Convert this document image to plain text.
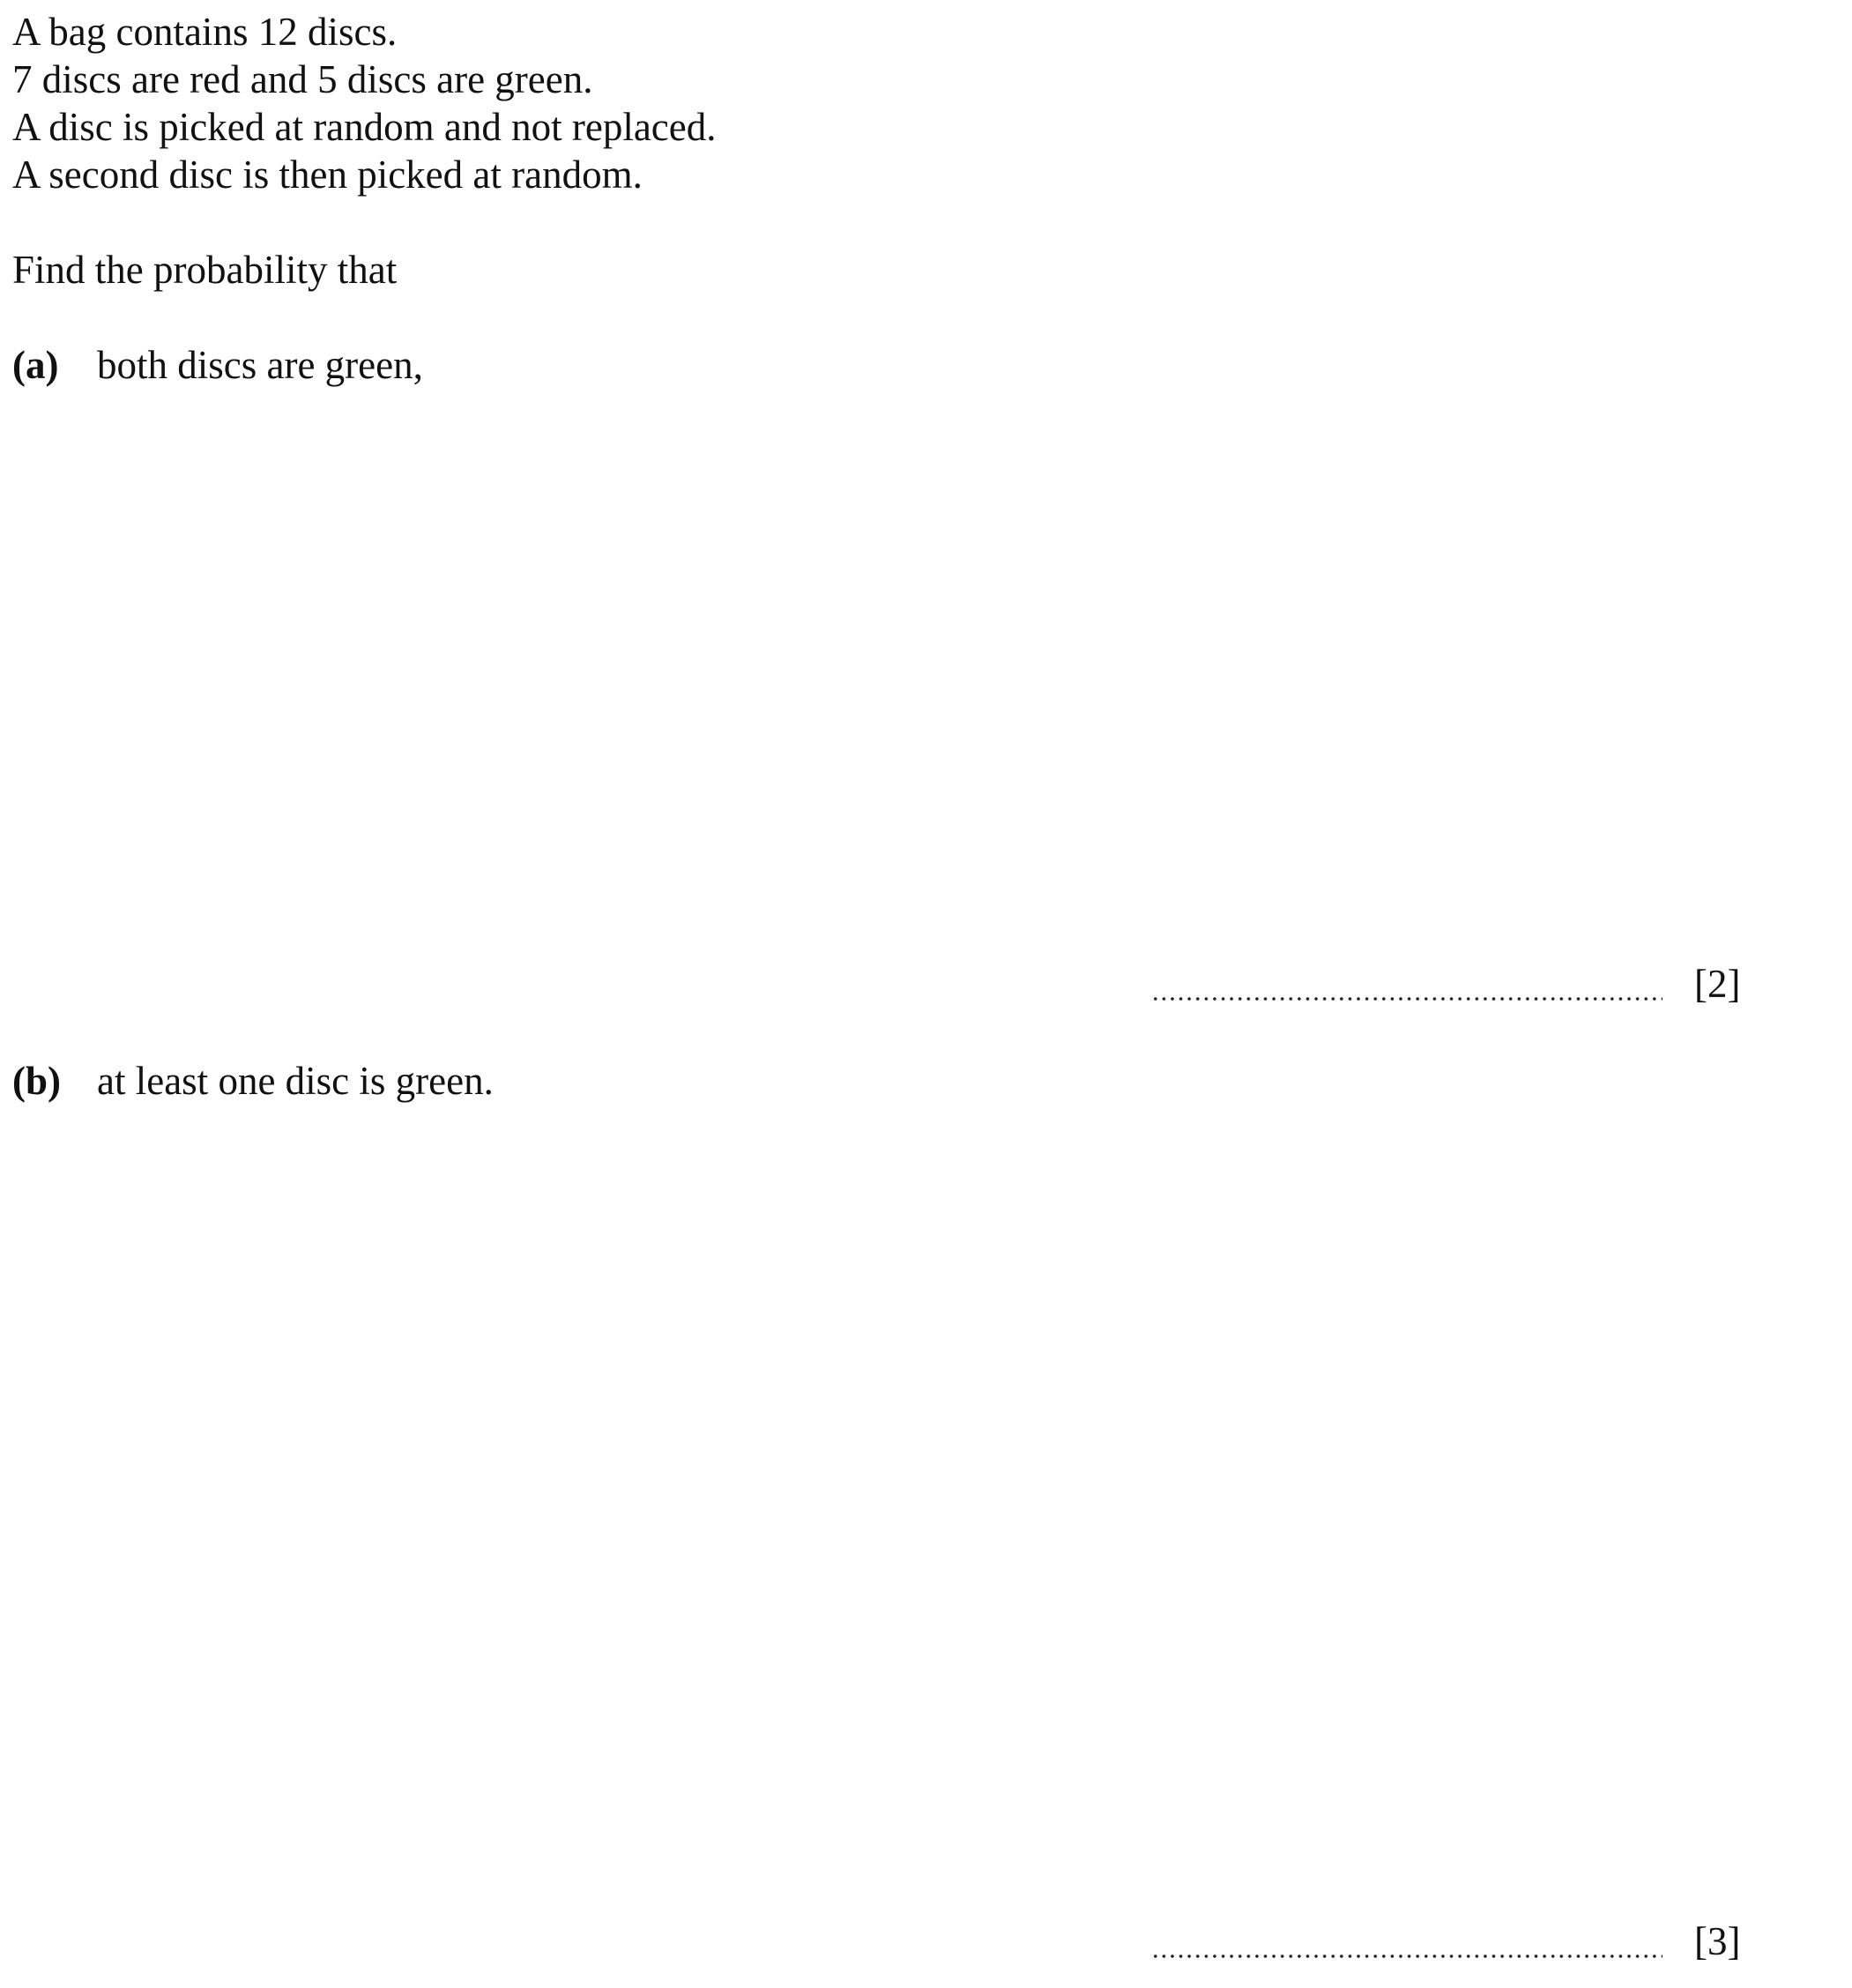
A bag contains 12 discs.
7 discs are red and 5 discs are green.
A disc is picked at random and not replaced.
A second disc is then picked at random.
Find the probability that
(a) both discs are green,
[2]
(b) at least one disc is green.
[3]
